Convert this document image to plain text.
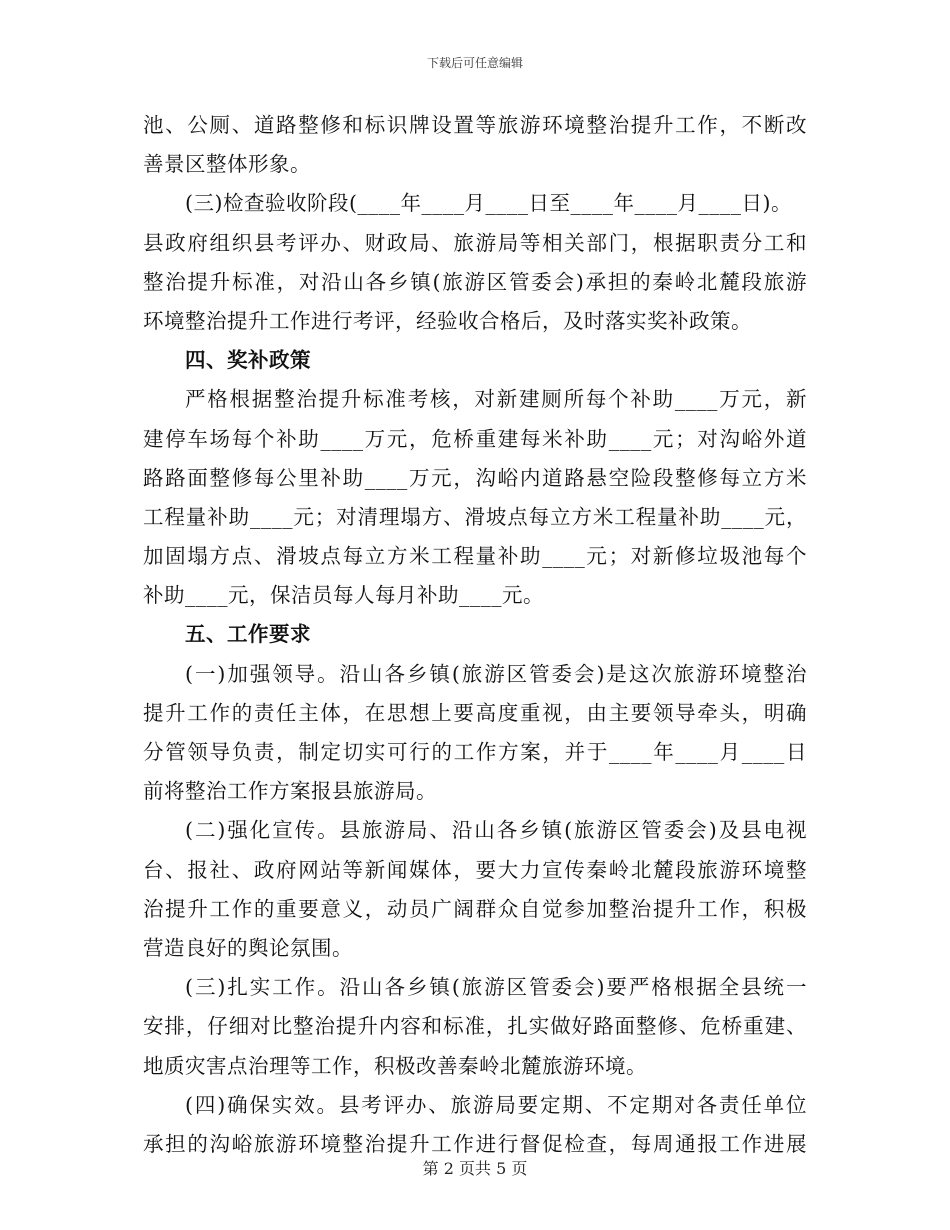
下载后可任意编辑
池、公厕、道路整修和标识牌设置等旅游环境整治提升工作，不断改
善景区整体形象。
(三)检查验收阶段(____年____月____日至____年____月____日)。
县政府组织县考评办、财政局、旅游局等相关部门，根据职责分工和
整治提升标准，对沿山各乡镇(旅游区管委会)承担的秦岭北麓段旅游
环境整治提升工作进行考评，经验收合格后，及时落实奖补政策。
四、奖补政策
严格根据整治提升标准考核，对新建厕所每个补助____万元，新
建停车场每个补助____万元，危桥重建每米补助____元；对沟峪外道
路路面整修每公里补助____万元，沟峪内道路悬空险段整修每立方米
工程量补助____元；对清理塌方、滑坡点每立方米工程量补助____元，
加固塌方点、滑坡点每立方米工程量补助____元；对新修垃圾池每个
补助____元，保洁员每人每月补助____元。
五、工作要求
(一)加强领导。沿山各乡镇(旅游区管委会)是这次旅游环境整治
提升工作的责任主体，在思想上要高度重视，由主要领导牵头，明确
分管领导负责，制定切实可行的工作方案，并于____年____月____日
前将整治工作方案报县旅游局。
(二)强化宣传。县旅游局、沿山各乡镇(旅游区管委会)及县电视
台、报社、政府网站等新闻媒体，要大力宣传秦岭北麓段旅游环境整
治提升工作的重要意义，动员广阔群众自觉参加整治提升工作，积极
营造良好的舆论氛围。
(三)扎实工作。沿山各乡镇(旅游区管委会)要严格根据全县统一
安排，仔细对比整治提升内容和标准，扎实做好路面整修、危桥重建、
地质灾害点治理等工作，积极改善秦岭北麓旅游环境。
(四)确保实效。县考评办、旅游局要定期、不定期对各责任单位
承担的沟峪旅游环境整治提升工作进行督促检查，每周通报工作进展
第 2 页共 5 页
